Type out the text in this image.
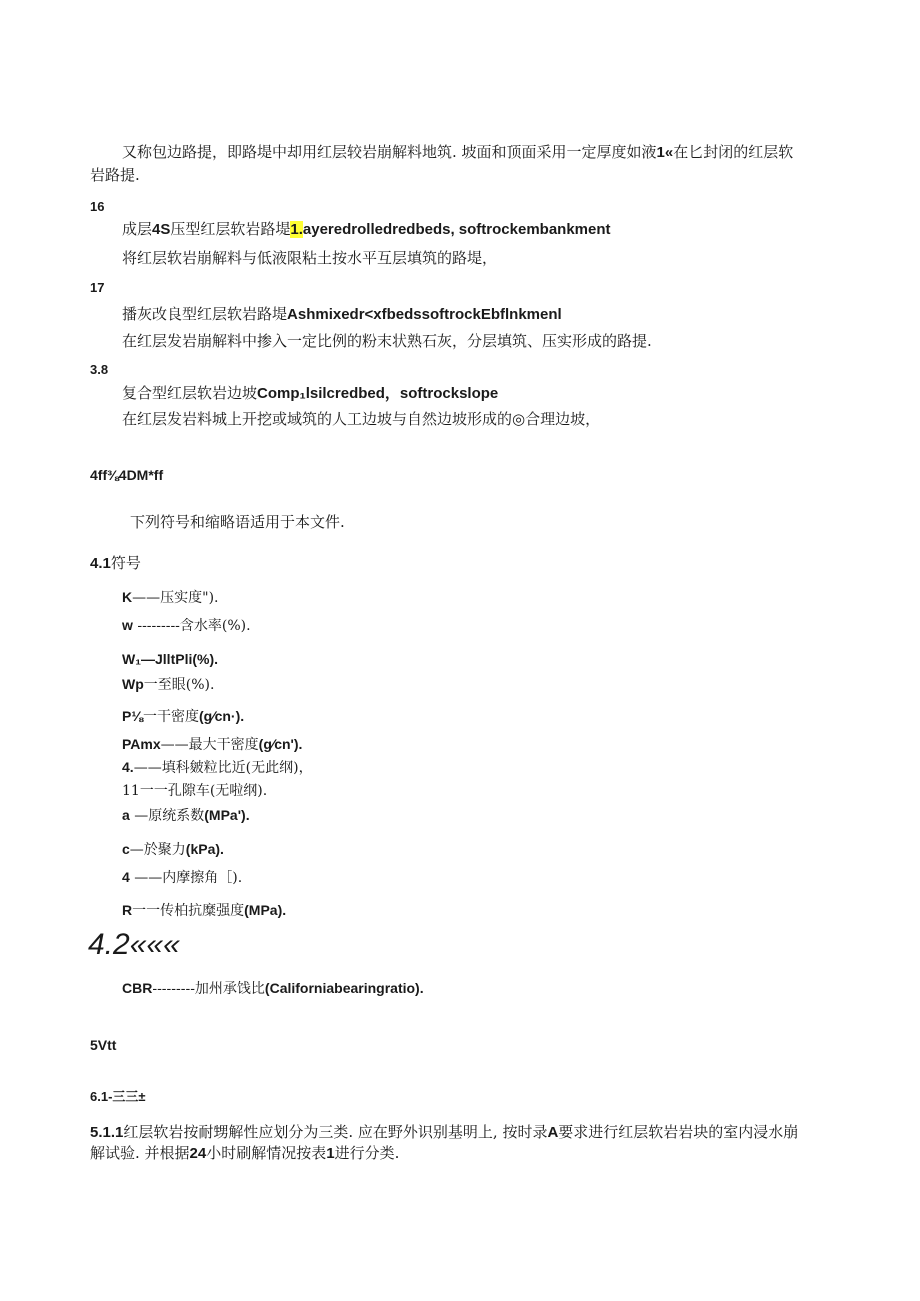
又称包边路提，即路堤中却用红层较岩崩解料地筑. 坡面和顶面采用一定厚度如液1«在匕封闭的红层软
岩路提.
16
成层4S压型红层软岩路堤1.ayeredrolledredbeds, softrockembankment
将红层软岩崩解料与低液限粘土按水平互层填筑的路堤，
17
播灰改良型红层软岩路堤Ashmixedr<xfbedssoftrockEbflnkmenl
在红层发岩崩解料中掺入一定比例的粉末状熟石灰，分层填筑、压实形成的路提.
3.8
复合型红层软岩边坡Comp₁lsilcredbed，softrockslope
在红层发岩料城上开挖或域筑的人工边坡与自然边坡形成的◎合理边坡，
4ff⅜4DM*ff
下列符号和缩略语适用于本文件.
4.1符号
K——压实度").
w ---------含水率(%).
W₁—JlltPli(%).
Wp一至眼(%).
P⅛一干密度(g∕cn·).
PAmx——最大干密度(g∕cn').
4.——填科皴粒比近(无此纲)，
11一一孔隙车(无啦纲).
a —原统系数(MPa').
c—於聚力(kPa).
4 ——内摩擦角［).
R一一传柏抗糜强度(MPa).
4.2«««
CBR---------加州承饯比(Californiabearingratio).
5Vtt
6.1-三三±
5.1.1红层软岩按耐甥解性应划分为三类. 应在野外识别基明上, 按时录A要求进行红层软岩岩块的室内浸水崩
解试验. 并根据24小时刷解情况按表1进行分类.
